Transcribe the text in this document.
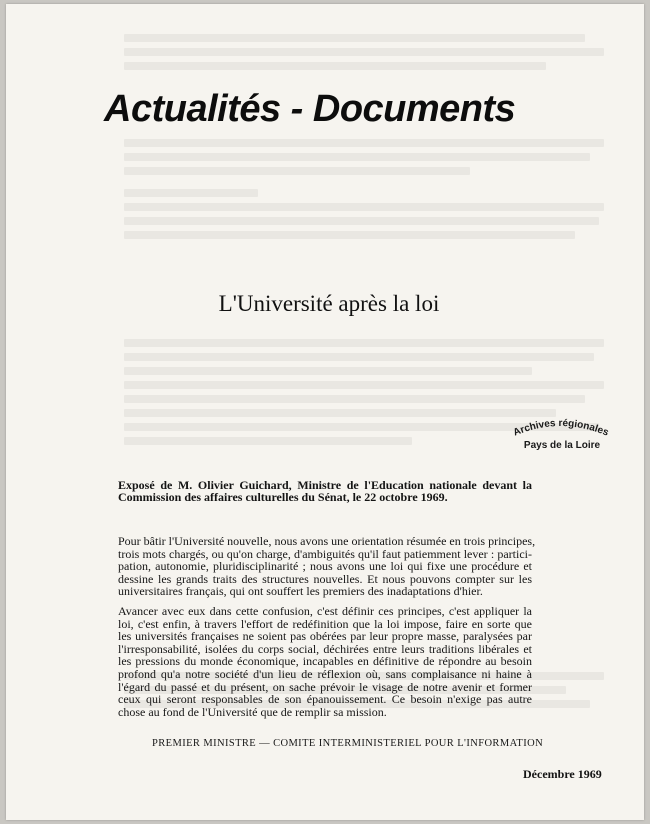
Actualités - Documents
L'Université après la loi
Archives régionales
Pays de la Loire
Exposé de M. Olivier Guichard, Ministre de l'Education nationale devant la Commission des affaires culturelles du Sénat, le 22 octobre 1969.
Pour bâtir l'Université nouvelle, nous avons une orientation résumée en trois principes,
trois mots chargés, ou qu'on charge, d'ambiguités qu'il faut patiemment lever : partici-
pation, autonomie, pluridisciplinarité ; nous avons une loi qui fixe une procédure et
dessine les grands traits des structures nouvelles. Et nous pouvons compter sur les
universitaires français, qui ont souffert les premiers des inadaptations d'hier.
Avancer avec eux dans cette confusion, c'est définir ces principes, c'est appliquer la
loi, c'est enfin, à travers l'effort de redéfinition que la loi impose, faire en sorte que
les universités françaises ne soient pas obérées par leur propre masse, paralysées par
l'irresponsabilité, isolées du corps social, déchirées entre leurs traditions libérales et
les pressions du monde économique, incapables en définitive de répondre au besoin
profond qu'a notre société d'un lieu de réflexion où, sans complaisance ni haine à
l'égard du passé et du présent, on sache prévoir le visage de notre avenir et former
ceux qui seront responsables de son épanouissement. Ce besoin n'exige pas autre
chose au fond de l'Université que de remplir sa mission.
PREMIER MINISTRE — COMITE INTERMINISTERIEL POUR L'INFORMATION
Décembre 1969
